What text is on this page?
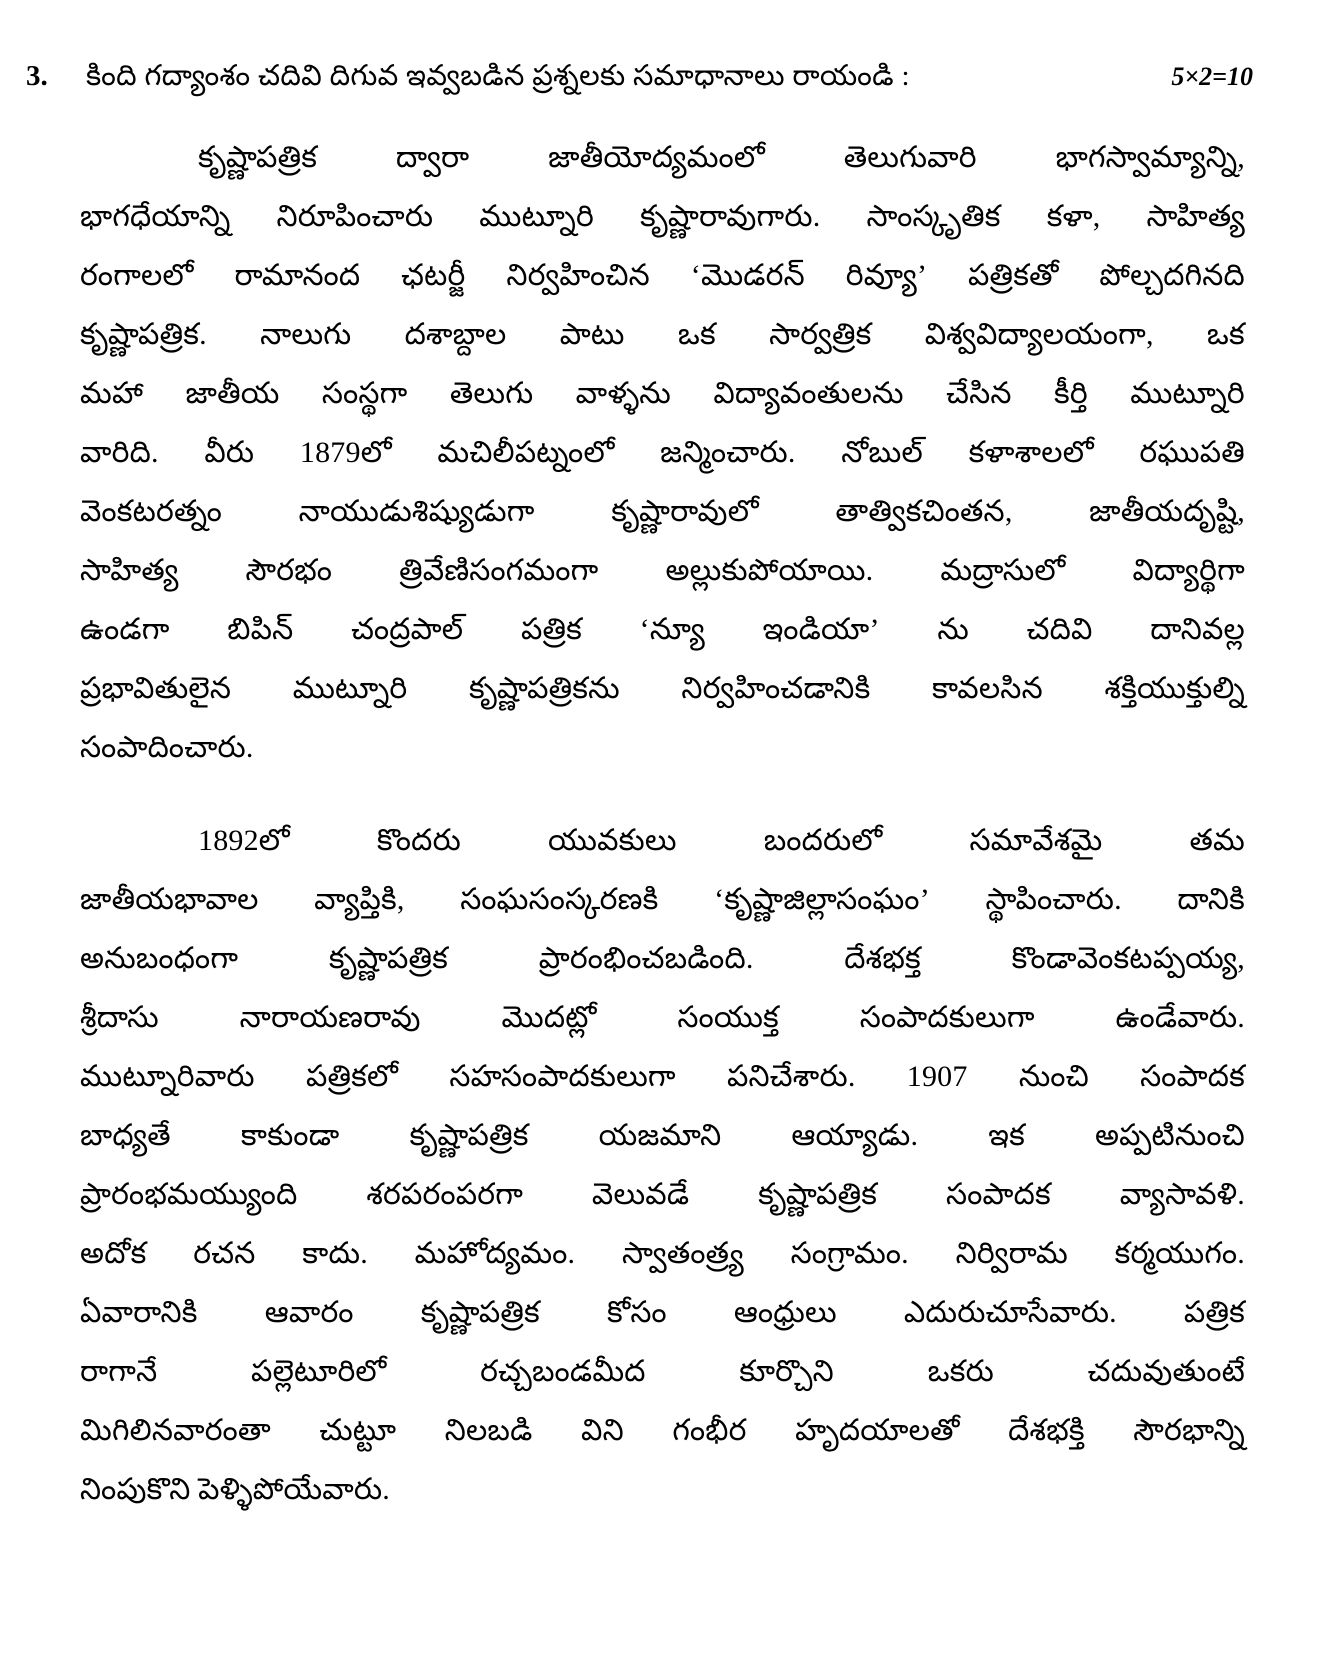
3.	కింది గద్యాంశం చదివి దిగువ ఇవ్వబడిన ప్రశ్నలకు సమాధానాలు రాయండి :	5×2=10
కృష్ణాపత్రిక	ద్వారా	జాతీయోద్యమంలో	తెలుగువారి	భాగస్వామ్యాన్ని,
భాగధేయాన్ని నిరూపించారు ముట్నూరి కృష్ణారావుగారు. సాంస్కృతిక కళా, సాహిత్య
రంగాలలో రామానంద ఛటర్జీ నిర్వహించిన ‘మొడరన్ రివ్యూ’ పత్రికతో పోల్చదగినది
కృష్ణాపత్రిక. నాలుగు దశాబ్దాల పాటు ఒక సార్వత్రిక విశ్వవిద్యాలయంగా, ఒక
మహా జాతీయ సంస్థగా తెలుగు వాళ్ళను విద్యావంతులను చేసిన కీర్తి ముట్నూరి
వారిది. వీరు 1879లో మచిలీపట్నంలో జన్మించారు. నోబుల్ కళాశాలలో రఘుపతి
వెంకటరత్నం	నాయుడుశిష్యుడుగా	కృష్ణారావులో	తాత్వికచింతన,	జాతీయదృష్టి,
సాహిత్య సౌరభం త్రివేణిసంగమంగా అల్లుకుపోయాయి. మద్రాసులో విద్యార్థిగా
ఉండగా బిపిన్ చంద్రపాల్ పత్రిక ‘న్యూ ఇండియా’ ను చదివి దానివల్ల
ప్రభావితులైన ముట్నూరి కృష్ణాపత్రికను నిర్వహించడానికి కావలసిన శక్తియుక్తుల్ని
సంపాదించారు.
1892లో	కొందరు	యువకులు	బందరులో	సమావేశమై	తమ
జాతీయభావాల వ్యాప్తికి, సంఘసంస్కరణకి ‘కృష్ణాజిల్లాసంఘం’ స్థాపించారు. దానికి
అనుబంధంగా	కృష్ణాపత్రిక	ప్రారంభించబడింది.	దేశభక్త	కొండావెంకటప్పయ్య,
శ్రీదాసు	నారాయణరావు	మొదట్లో	సంయుక్త	సంపాదకులుగా	ఉండేవారు.
ముట్నూరివారు పత్రికలో సహసంపాదకులుగా పనిచేశారు. 1907 నుంచి సంపాదక
బాధ్యతే కాకుండా కృష్ణాపత్రిక యజమాని ఆయ్యాడు. ఇక అప్పటినుంచి
ప్రారంభమయ్యుంది శరపరంపరగా వెలువడే కృష్ణాపత్రిక సంపాదక వ్యాసావళి.
అదోక రచన కాదు. మహోద్యమం. స్వాతంత్ర్య సంగ్రామం. నిర్విరామ కర్మయుగం.
ఏవారానికి ఆవారం కృష్ణాపత్రిక కోసం ఆంధ్రులు ఎదురుచూసేవారు. పత్రిక
రాగానే	పల్లెటూరిలో	రచ్చబండమీద	కూర్చొని	ఒకరు	చదువుతుంటే
మిగిలినవారంతా చుట్టూ నిలబడి విని గంభీర హృదయాలతో దేశభక్తి సౌరభాన్ని
నింపుకొని పెళ్ళిపోయేవారు.
